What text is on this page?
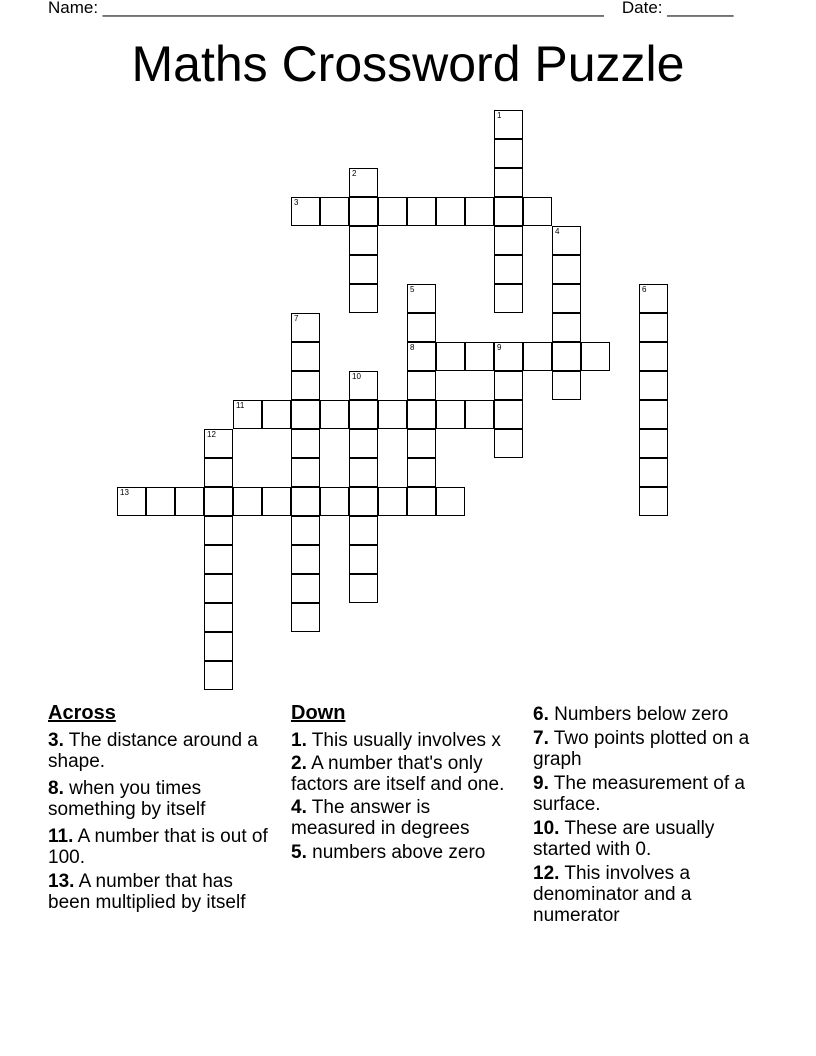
Name: _____________________________________________________ Date: _______
Maths Crossword Puzzle
1
2
3
4
5
8
6
7
9
10
11
12
13
Across
3. The distance around a shape.
8. when you times something by itself
11. A number that is out of 100.
13. A number that has been multiplied by itself
Down
1. This usually involves x
2. A number that's only factors are itself and one.
4. The answer is measured in degrees
5. numbers above zero
6. Numbers below zero
7. Two points plotted on a graph
9. The measurement of a surface.
10. These are usually started with 0.
12. This involves a denominator and a numerator
